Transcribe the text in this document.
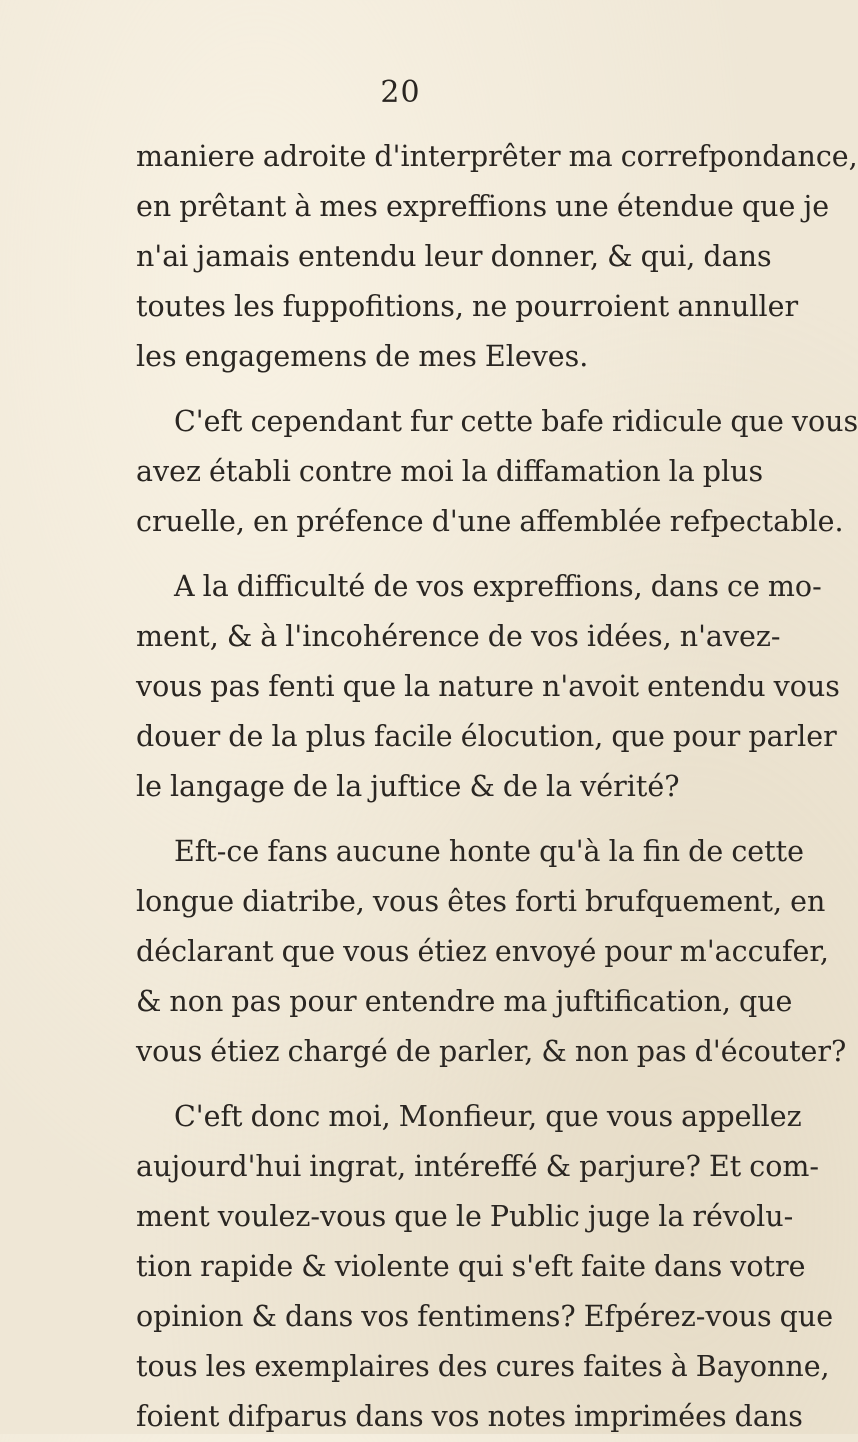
20

maniere adroite d'interprêter ma correfpondance,
en prêtant à mes expreffions une étendue que je
n'ai jamais entendu leur donner, & qui, dans
toutes les fuppofitions, ne pourroient annuller
les engagemens de mes Eleves.

C'eft cependant fur cette bafe ridicule que vous
avez établi contre moi la diffamation la plus
cruelle, en préfence d'une affemblée refpectable.

A la difficulté de vos expreffions, dans ce mo-
ment, & à l'incohérence de vos idées, n'avez-
vous pas fenti que la nature n'avoit entendu vous
douer de la plus facile élocution, que pour parler
le langage de la juftice & de la vérité?

Eft-ce fans aucune honte qu'à la fin de cette
longue diatribe, vous êtes forti brufquement, en
déclarant que vous étiez envoyé pour m'accufer,
& non pas pour entendre ma juftification, que
vous étiez chargé de parler, & non pas d'écouter?

C'eft donc moi, Monfieur, que vous appellez
aujourd'hui ingrat, intéreffé & parjure? Et com-
ment voulez-vous que le Public juge la révolu-
tion rapide & violente qui s'eft faite dans votre
opinion & dans vos fentimens? Efpérez-vous que
tous les exemplaires des cures faites à Bayonne,
foient difparus dans vos notes imprimées dans
